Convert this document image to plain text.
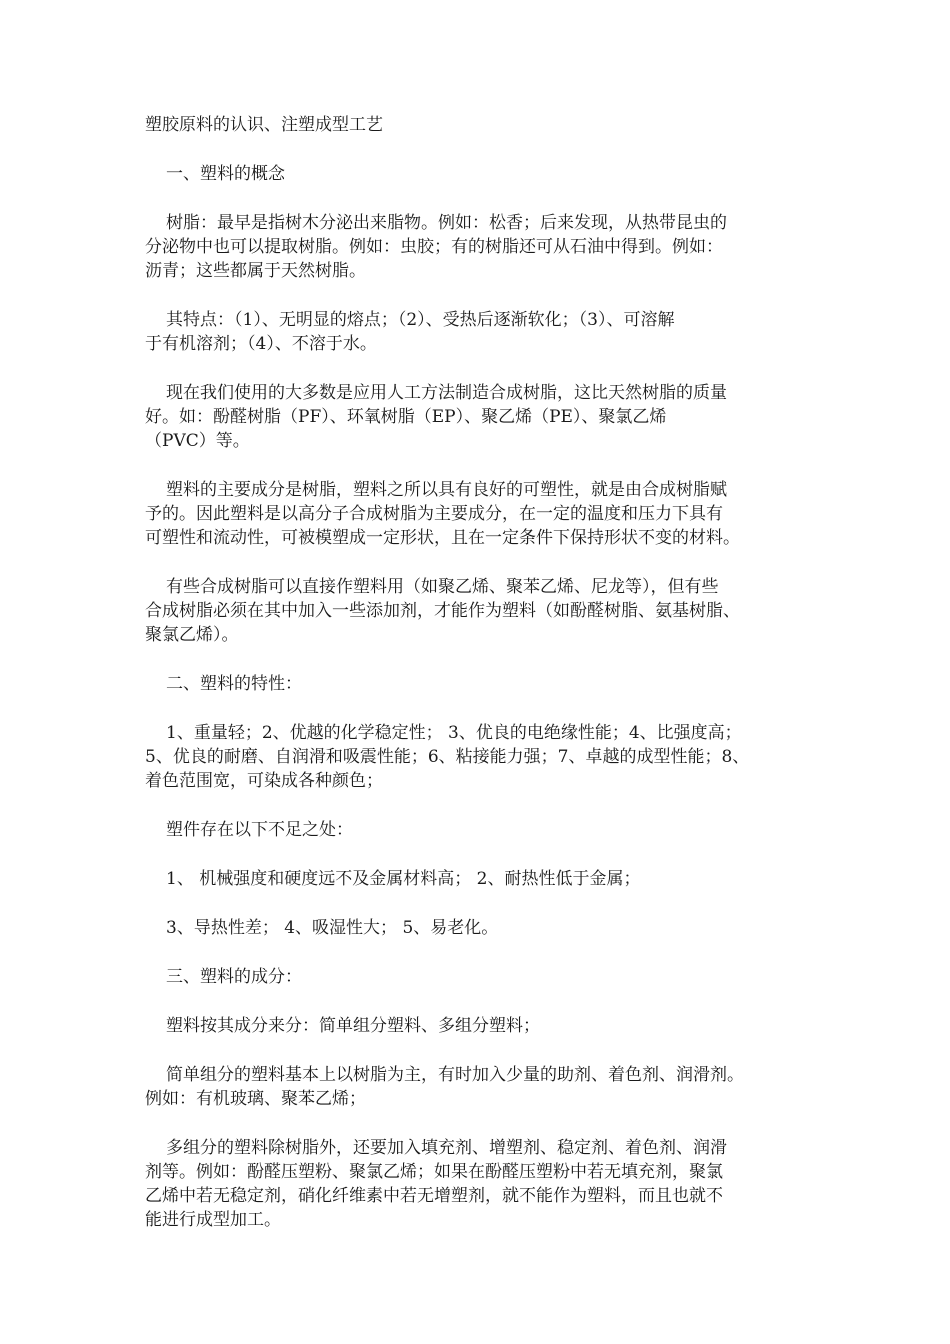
塑胶原料的认识、注塑成型工艺
一、塑料的概念
树脂：最早是指树木分泌出来脂物。例如：松香；后来发现，从热带昆虫的
分泌物中也可以提取树脂。例如：虫胶；有的树脂还可从石油中得到。例如：
沥青；这些都属于天然树脂。
其特点：（1）、无明显的熔点；（2）、受热后逐渐软化；（3）、可溶解
于有机溶剂；（4）、不溶于水。
现在我们使用的大多数是应用人工方法制造合成树脂，这比天然树脂的质量
好。如：酚醛树脂（PF）、环氧树脂（EP）、聚乙烯（PE）、聚氯乙烯
（PVC）等。
塑料的主要成分是树脂，塑料之所以具有良好的可塑性，就是由合成树脂赋
予的。因此塑料是以高分子合成树脂为主要成分，在一定的温度和压力下具有
可塑性和流动性，可被模塑成一定形状，且在一定条件下保持形状不变的材料。
有些合成树脂可以直接作塑料用（如聚乙烯、聚苯乙烯、尼龙等），但有些
合成树脂必须在其中加入一些添加剂，才能作为塑料（如酚醛树脂、氨基树脂、
聚氯乙烯）。
二、塑料的特性：
1、重量轻；2、优越的化学稳定性； 3、优良的电绝缘性能；4、比强度高；
5、优良的耐磨、自润滑和吸震性能；6、粘接能力强；7、卓越的成型性能；8、
着色范围宽，可染成各种颜色；
塑件存在以下不足之处：
1、 机械强度和硬度远不及金属材料高； 2、耐热性低于金属；
3、导热性差； 4、吸湿性大； 5、易老化。
三、塑料的成分：
塑料按其成分来分：简单组分塑料、多组分塑料；
简单组分的塑料基本上以树脂为主，有时加入少量的助剂、着色剂、润滑剂。
例如：有机玻璃、聚苯乙烯；
多组分的塑料除树脂外，还要加入填充剂、增塑剂、稳定剂、着色剂、润滑
剂等。例如：酚醛压塑粉、聚氯乙烯；如果在酚醛压塑粉中若无填充剂，聚氯
乙烯中若无稳定剂，硝化纤维素中若无增塑剂，就不能作为塑料，而且也就不
能进行成型加工。
